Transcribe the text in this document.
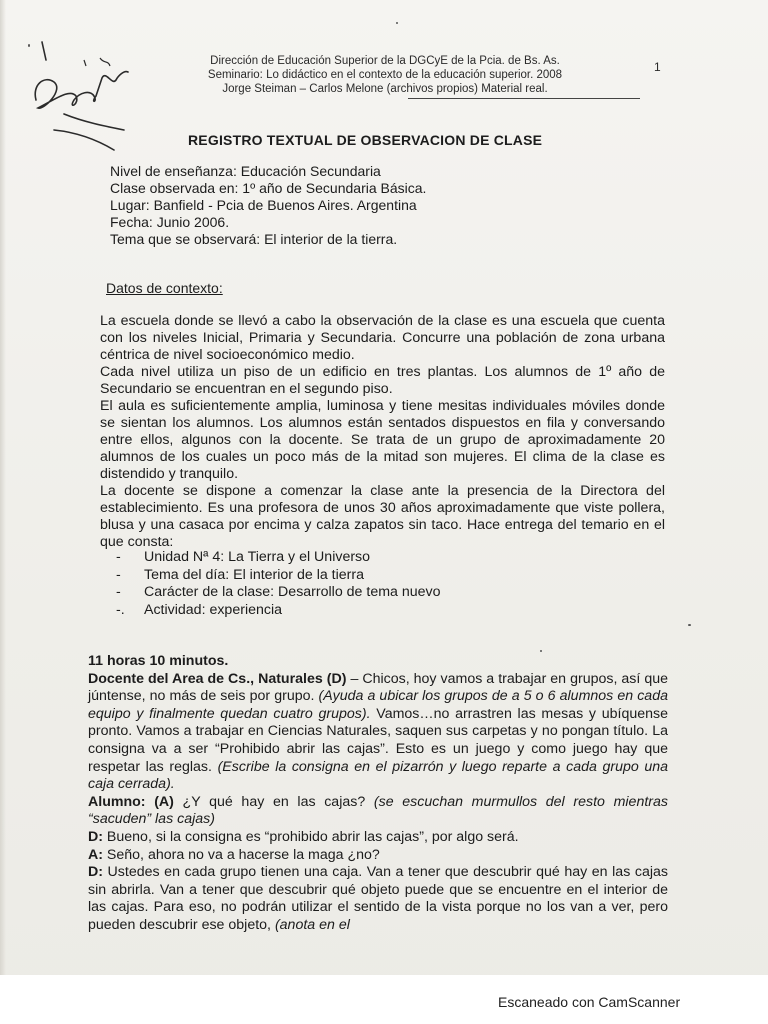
Dirección de Educación Superior de la DGCyE de la Pcia. de Bs. As.
Seminario: Lo didáctico en el contexto de la educación superior. 2008
Jorge Steiman – Carlos Melone (archivos propios) Material real.
1
REGISTRO TEXTUAL DE OBSERVACION DE CLASE
Nivel de enseñanza: Educación Secundaria
Clase observada en: 1º año de Secundaria Básica.
Lugar: Banfield - Pcia de Buenos Aires. Argentina
Fecha: Junio 2006.
Tema que se observará: El interior de la tierra.
Datos de contexto:

La escuela donde se llevó a cabo la observación de la clase es una escuela que cuenta con los niveles Inicial, Primaria y Secundaria. Concurre una población de zona urbana céntrica de nivel socioeconómico medio.

Cada nivel utiliza un piso de un edificio en tres plantas. Los alumnos de 1º año de Secundario se encuentran en el segundo piso.

El aula es suficientemente amplia, luminosa y tiene mesitas individuales móviles donde se sientan los alumnos. Los alumnos están sentados dispuestos en fila y conversando entre ellos, algunos con la docente. Se trata de un grupo de aproximadamente 20 alumnos de los cuales un poco más de la mitad son mujeres. El clima de la clase es distendido y tranquilo.

La docente se dispone a comenzar la clase ante la presencia de la Directora del establecimiento. Es una profesora de unos 30 años aproximadamente que viste pollera, blusa y una casaca por encima y calza zapatos sin taco. Hace entrega del temario en el que consta:

-	Unidad Nª 4: La Tierra y el Universo
-	Tema del día: El interior de la tierra
-	Carácter de la clase: Desarrollo de tema nuevo
-.	Actividad: experiencia
11 horas 10 minutos.

Docente del Area de Cs., Naturales (D) – Chicos, hoy vamos a trabajar en grupos, así que júntense, no más de seis por grupo. (Ayuda a ubicar los grupos de a 5 o 6 alumnos en cada equipo y finalmente quedan cuatro grupos). Vamos…no arrastren las mesas y ubíquense pronto. Vamos a trabajar en Ciencias Naturales, saquen sus carpetas y no pongan título. La consigna va a ser “Prohibido abrir las cajas”. Esto es un juego y como juego hay que respetar las reglas. (Escribe la consigna en el pizarrón y luego reparte a cada grupo una caja cerrada).

Alumno: (A) ¿Y qué hay en las cajas? (se escuchan murmullos del resto mientras “sacuden” las cajas)

D: Bueno, si la consigna es “prohibido abrir las cajas”, por algo será.

A: Seño, ahora no va a hacerse la maga ¿no?

D: Ustedes en cada grupo tienen una caja. Van a tener que descubrir qué hay en las cajas sin abrirla. Van a tener que descubrir qué objeto puede que se encuentre en el interior de las cajas. Para eso, no podrán utilizar el sentido de la vista porque no los van a ver, pero pueden descubrir ese objeto, (anota en el

Escaneado con CamScanner
